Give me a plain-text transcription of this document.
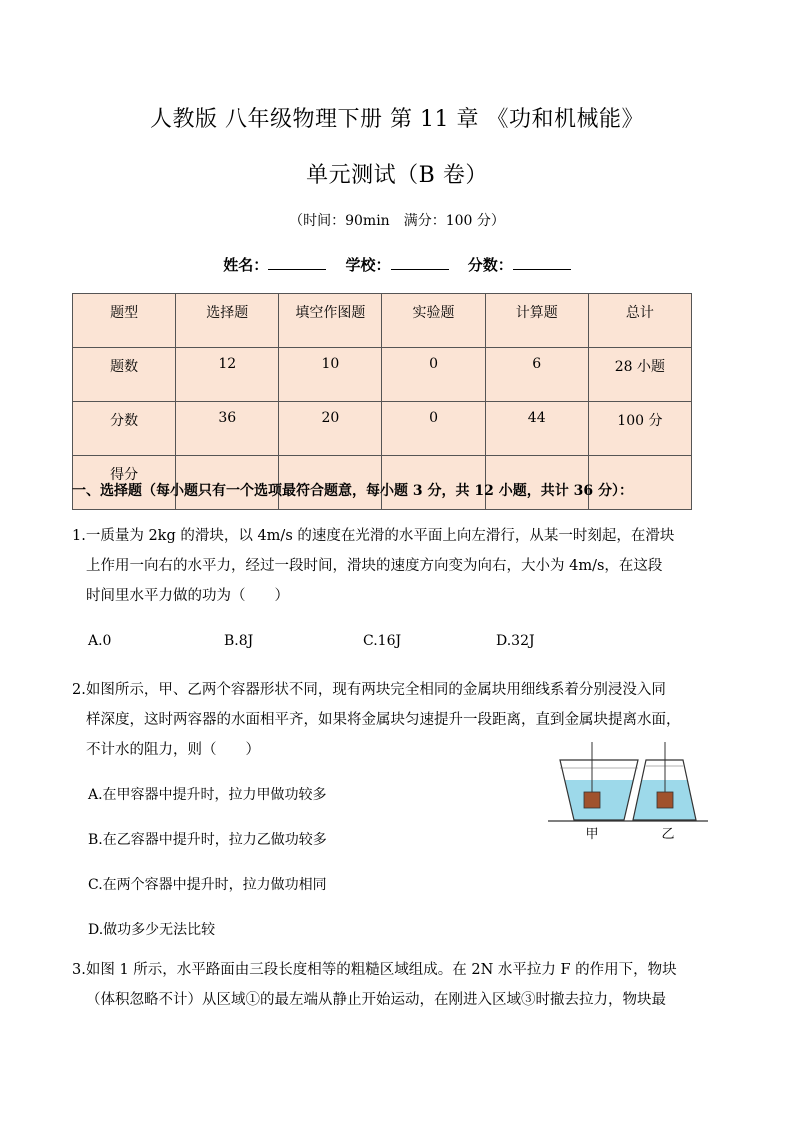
人教版 八年级物理下册 第 11 章 《功和机械能》
单元测试（B 卷）
（时间：90min　满分：100 分）
姓名：	学校：	分数：
题型	选择题	填空作图题	实验题	计算题	总计
题数	12	10	0	6	28 小题
分数	36	20	0	44	100 分
得分					
一、选择题（每小题只有一个选项最符合题意，每小题 3 分，共 12 小题，共计 36 分）：
1.一质量为 2kg 的滑块，以 4m/s 的速度在光滑的水平面上向左滑行，从某一时刻起，在滑块
上作用一向右的水平力，经过一段时间，滑块的速度方向变为向右，大小为 4m/s，在这段
时间里水平力做的功为（　　）
A.0	B.8J	C.16J	D.32J
2.如图所示，甲、乙两个容器形状不同，现有两块完全相同的金属块用细线系着分别浸没入同
样深度，这时两容器的水面相平齐，如果将金属块匀速提升一段距离，直到金属块提离水面，
不计水的阻力，则（　　）
A.在甲容器中提升时，拉力甲做功较多
B.在乙容器中提升时，拉力乙做功较多
C.在两个容器中提升时，拉力做功相同
D.做功多少无法比较
甲	乙
3.如图 1 所示，水平路面由三段长度相等的粗糙区域组成。在 2N 水平拉力 F 的作用下，物块
（体积忽略不计）从区域①的最左端从静止开始运动，在刚进入区域③时撤去拉力，物块最
